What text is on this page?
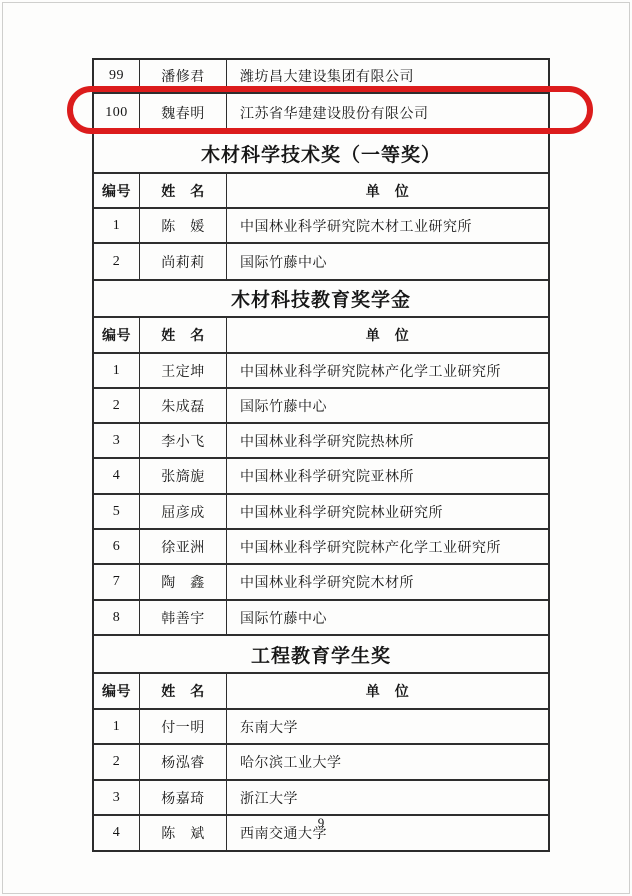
99	潘修君	潍坊昌大建设集团有限公司
100	魏春明	江苏省华建建设股份有限公司
木材科学技术奖（一等奖）
编号	姓　名	单　位
1	陈　媛	中国林业科学研究院木材工业研究所
2	尚莉莉	国际竹藤中心
木材科技教育奖学金
编号	姓　名	单　位
1	王定坤	中国林业科学研究院林产化学工业研究所
2	朱成磊	国际竹藤中心
3	李小飞	中国林业科学研究院热林所
4	张旖旎	中国林业科学研究院亚林所
5	屈彦成	中国林业科学研究院林业研究所
6	徐亚洲	中国林业科学研究院林产化学工业研究所
7	陶　鑫	中国林业科学研究院木材所
8	韩善宇	国际竹藤中心
工程教育学生奖
编号	姓　名	单　位
1	付一明	东南大学
2	杨泓睿	哈尔滨工业大学
3	杨嘉琦	浙江大学
4	陈　斌	西南交通大学
9
